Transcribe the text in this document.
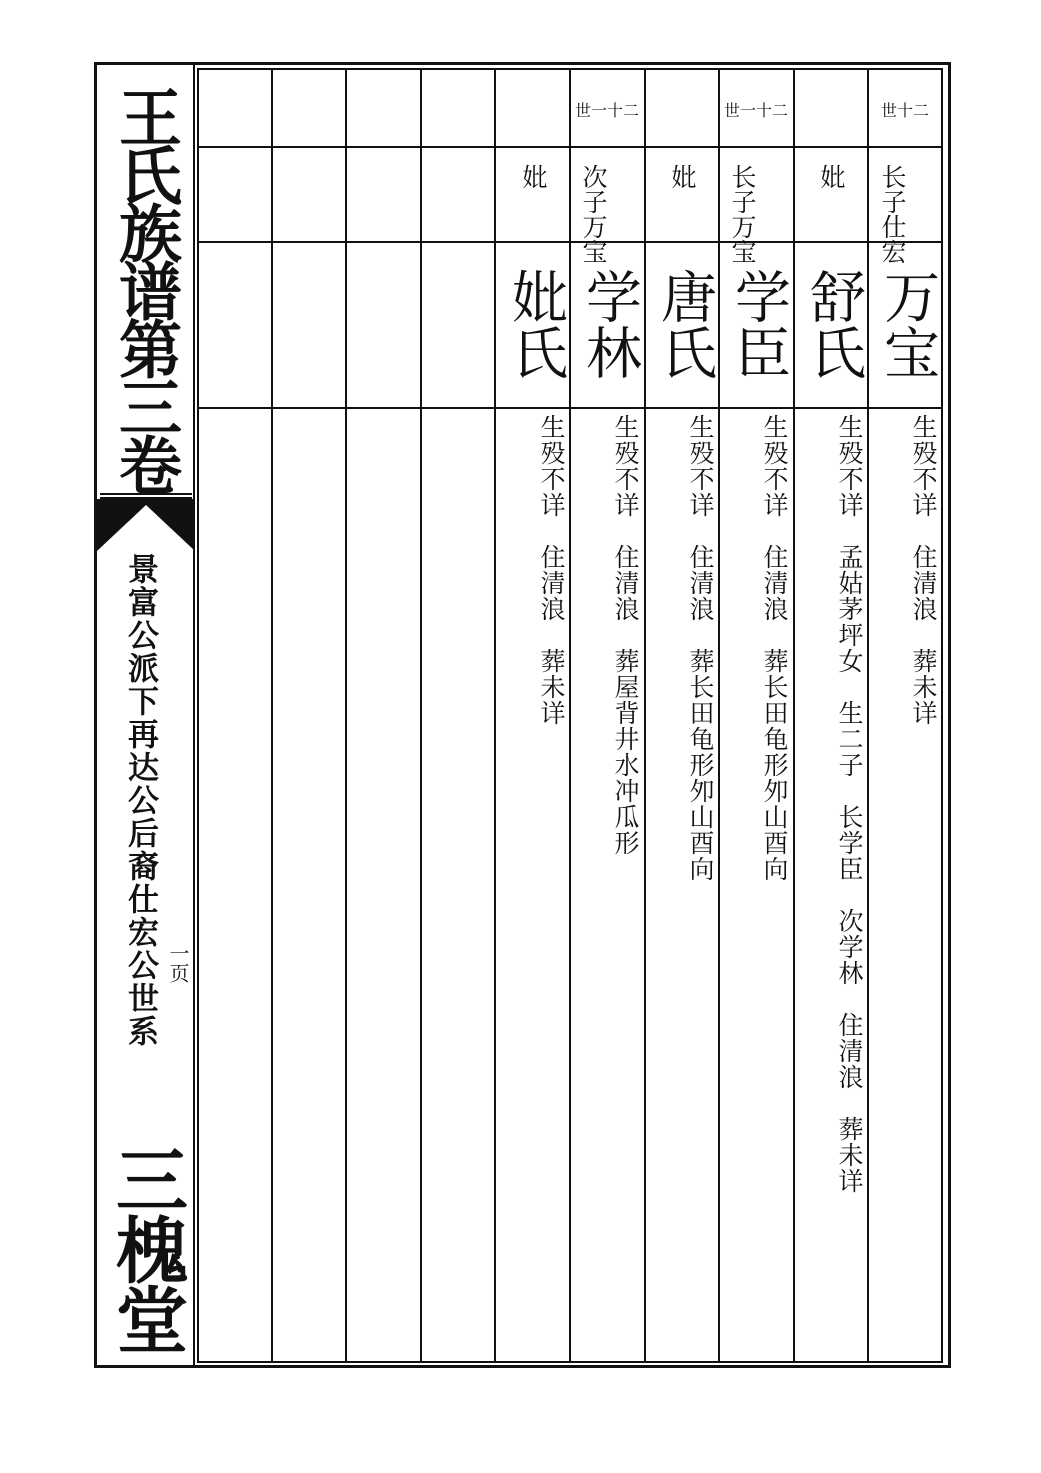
王氏族谱第三卷
景富公派下再达公后裔仕宏公世系 一页
三槐堂
世十二
长子仕宏
万宝
生殁不详　住清浪　葬未详
妣
舒氏
生殁不详　孟姑茅坪女　生二子　长学臣　次学林　住清浪　葬未详
世一十二
长子万宝
学臣
生殁不详　住清浪　葬长田龟形夘山酉向
妣
唐氏
生殁不详　住清浪　葬长田龟形夘山酉向
世一十二
次子万宝
学林
生殁不详　住清浪　葬屋背井水冲瓜形
妣
妣氏
生殁不详　住清浪　葬未详
